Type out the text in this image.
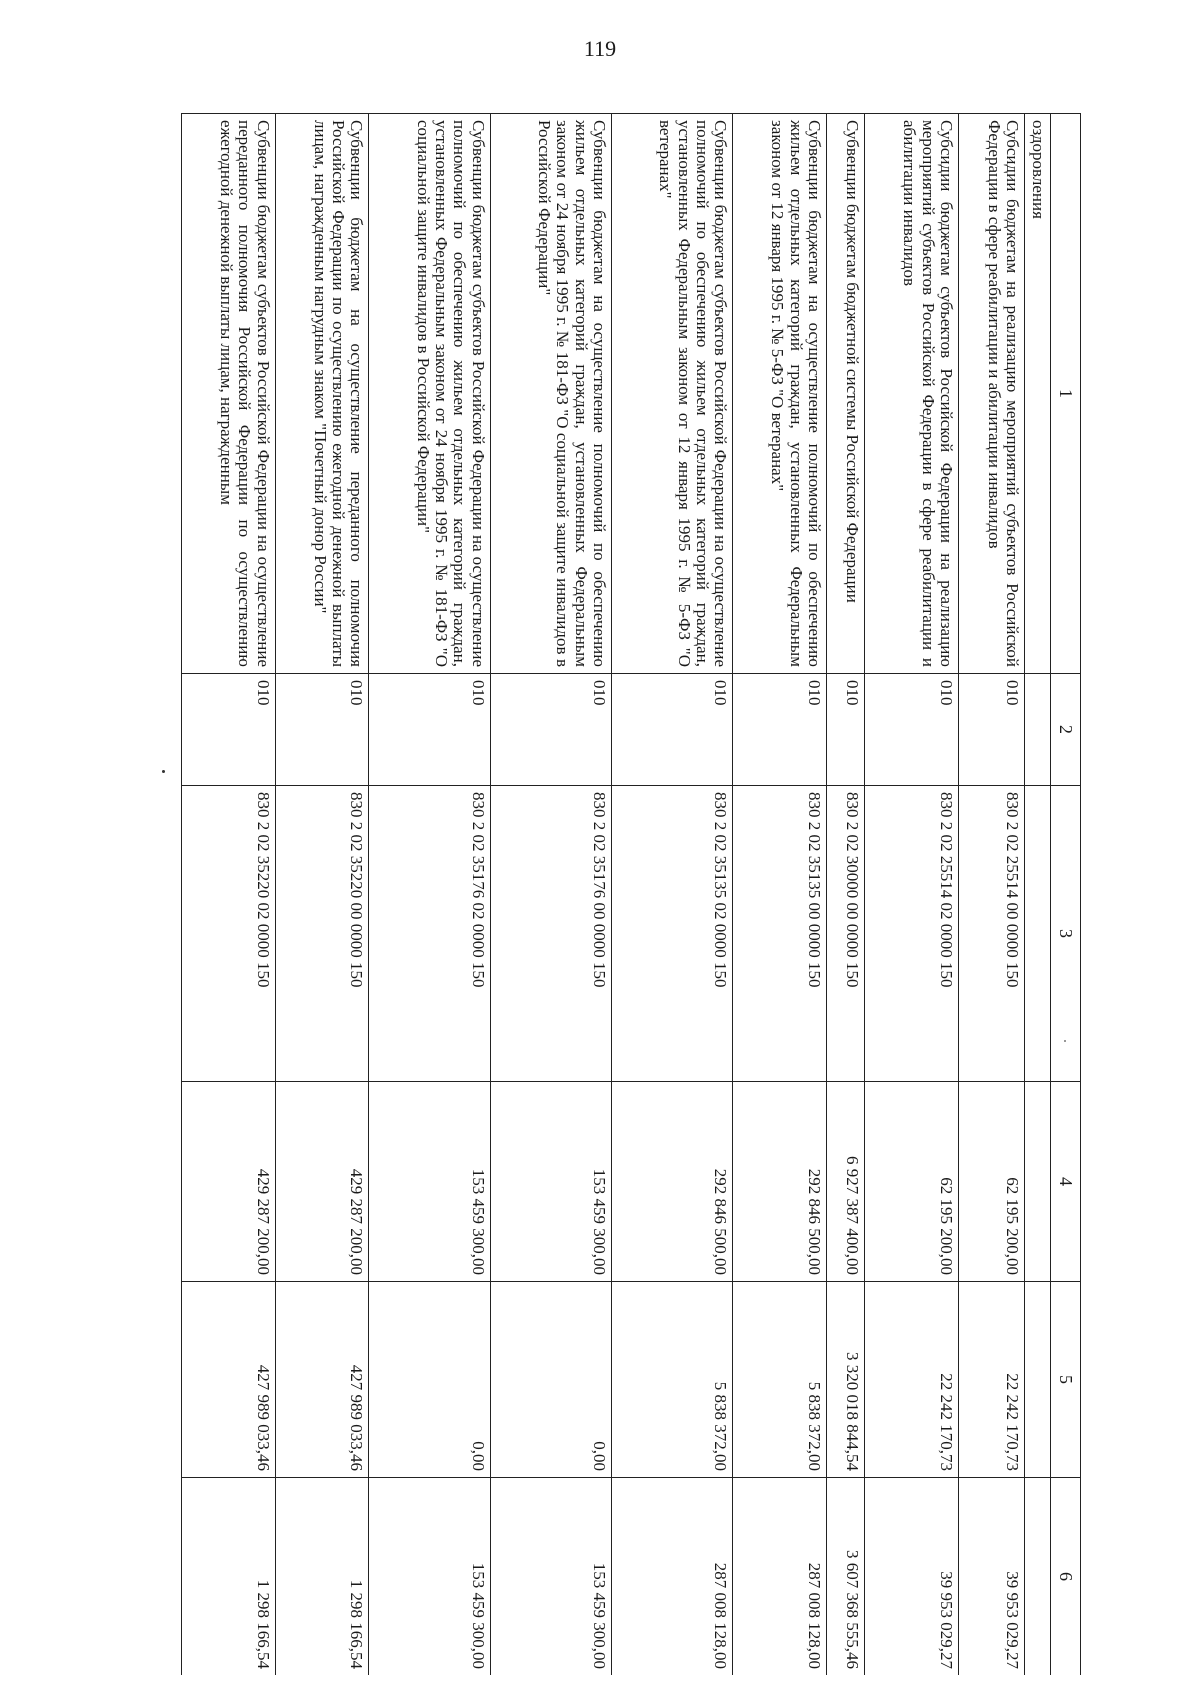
119
1	2	3	4	5	6
оздоровления					
Субсидии бюджетам на реализацию мероприятий субъектов Российской Федерации в сфере реабилитации и абилитации инвалидов	010	830 2 02 25514 00 0000 150	62 195 200,00	22 242 170,73	39 953 029,27
Субсидии бюджетам субъектов Российской Федерации на реализацию мероприятий субъектов Российской Федерации в сфере реабилитации и абилитации инвалидов	010	830 2 02 25514 02 0000 150	62 195 200,00	22 242 170,73	39 953 029,27
Субвенции бюджетам бюджетной системы Российской Федерации	010	830 2 02 30000 00 0000 150	6 927 387 400,00	3 320 018 844,54	3 607 368 555,46
Субвенции бюджетам на осуществление полномочий по обеспечению жильем отдельных категорий граждан, установленных Федеральным законом от 12 января 1995 г. № 5-ФЗ "О ветеранах"	010	830 2 02 35135 00 0000 150	292 846 500,00	5 838 372,00	287 008 128,00
Субвенции бюджетам субъектов Российской Федерации на осуществление полномочий по обеспечению жильем отдельных категорий граждан, установленных Федеральным законом от 12 января 1995 г. № 5-ФЗ "О ветеранах"	010	830 2 02 35135 02 0000 150	292 846 500,00	5 838 372,00	287 008 128,00
Субвенции бюджетам на осуществление полномочий по обеспечению жильем отдельных категорий граждан, установленных Федеральным законом от 24 ноября 1995 г. № 181-ФЗ "О социальной защите инвалидов в Российской Федерации"	010	830 2 02 35176 00 0000 150	153 459 300,00	0,00	153 459 300,00
Субвенции бюджетам субъектов Российской Федерации на осуществление полномочий по обеспечению жильем отдельных категорий граждан, установленных Федеральным законом от 24 ноября 1995 г. № 181-ФЗ "О социальной защите инвалидов в Российской Федерации"	010	830 2 02 35176 02 0000 150	153 459 300,00	0,00	153 459 300,00
Субвенции бюджетам на осуществление переданного полномочия Российской Федерации по осуществлению ежегодной денежной выплаты лицам, награжденным нагрудным знаком "Почетный донор России"	010	830 2 02 35220 00 0000 150	429 287 200,00	427 989 033,46	1 298 166,54
Субвенции бюджетам субъектов Российской Федерации на осуществление переданного полномочия Российской Федерации по осуществлению ежегодной денежной выплаты лицам, награжденным	010	830 2 02 35220 02 0000 150	429 287 200,00	427 989 033,46	1 298 166,54
